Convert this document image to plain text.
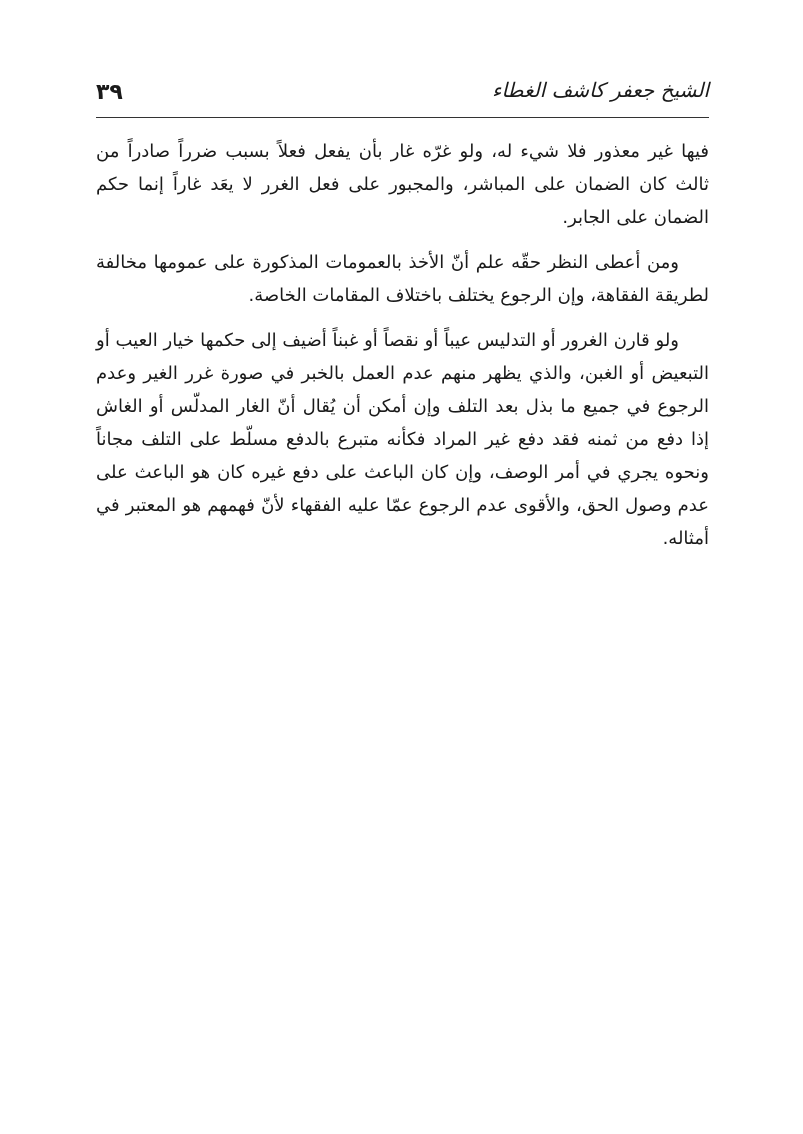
٣٩	الشيخ جعفر كاشف الغطاء

فيها غير معذور فلا شيء له، ولو غرّه غار بأن يفعل فعلاً بسبب ضرراً صادراً من ثالث كان الضمان على المباشر، والمجبور على فعل الغرر لا يعَد غاراً إنما حكم الضمان على الجابر.

ومن أعطى النظر حقّه علم أنّ الأخذ بالعمومات المذكورة على عمومها مخالفة لطريقة الفقاهة، وإن الرجوع يختلف باختلاف المقامات الخاصة.

ولو قارن الغرور أو التدليس عيباً أو نقصاً أو غبناً أضيف إلى حكمها خيار العيب أو التبعيض أو الغبن، والذي يظهر منهم عدم العمل بالخبر في صورة غرر الغير وعدم الرجوع في جميع ما بذل بعد التلف وإن أمكن أن يُقال أنّ الغار المدلّس أو الغاش إذا دفع من ثمنه فقد دفع غير المراد فكأنه متبرع بالدفع مسلّط على التلف مجاناً ونحوه يجري في أمر الوصف، وإن كان الباعث على دفع غيره كان هو الباعث على عدم وصول الحق، والأقوى عدم الرجوع عمّا عليه الفقهاء لأنّ فهمهم هو المعتبر في أمثاله.
